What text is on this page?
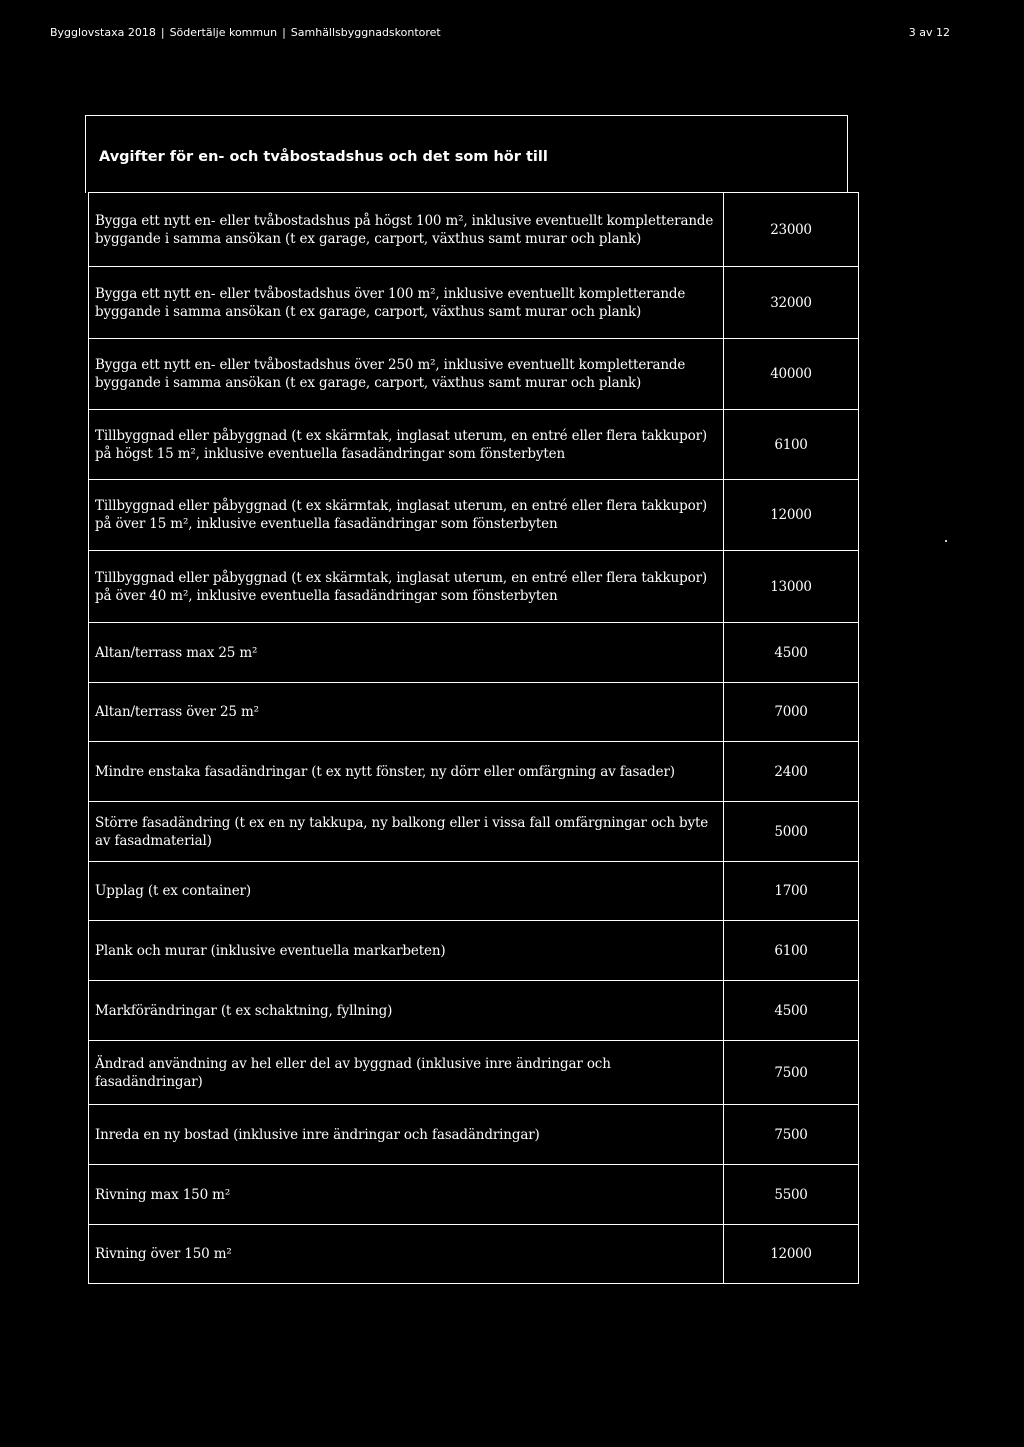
Bygglovstaxa 2018 | Södertälje kommun | Samhällsbyggnadskontoret	3 av 12
Avgifter för en- och tvåbostadshus och det som hör till
Bygga ett nytt en- eller tvåbostadshus på högst 100 m², inklusive eventuellt kompletterande byggande i samma ansökan (t ex garage, carport, växthus samt murar och plank)	23000
Bygga ett nytt en- eller tvåbostadshus över 100 m², inklusive eventuellt kompletterande byggande i samma ansökan (t ex garage, carport, växthus samt murar och plank)	32000
Bygga ett nytt en- eller tvåbostadshus över 250 m², inklusive eventuellt kompletterande byggande i samma ansökan (t ex garage, carport, växthus samt murar och plank)	40000
Tillbyggnad eller påbyggnad (t ex skärmtak, inglasat uterum, en entré eller flera takkupor) på högst 15 m², inklusive eventuella fasadändringar som fönsterbyten	6100
Tillbyggnad eller påbyggnad (t ex skärmtak, inglasat uterum, en entré eller flera takkupor) på över 15 m², inklusive eventuella fasadändringar som fönsterbyten	12000
Tillbyggnad eller påbyggnad (t ex skärmtak, inglasat uterum, en entré eller flera takkupor) på över 40 m², inklusive eventuella fasadändringar som fönsterbyten	13000
Altan/terrass max 25 m²	4500
Altan/terrass över 25 m²	7000
Mindre enstaka fasadändringar (t ex nytt fönster, ny dörr eller omfärgning av fasader)	2400
Större fasadändring (t ex en ny takkupa, ny balkong eller i vissa fall omfärgningar och byte av fasadmaterial)	5000
Upplag (t ex container)	1700
Plank och murar (inklusive eventuella markarbeten)	6100
Markförändringar (t ex schaktning, fyllning)	4500
Ändrad användning av hel eller del av byggnad (inklusive inre ändringar och fasadändringar)	7500
Inreda en ny bostad (inklusive inre ändringar och fasadändringar)	7500
Rivning max 150 m²	5500
Rivning över 150 m²	12000
